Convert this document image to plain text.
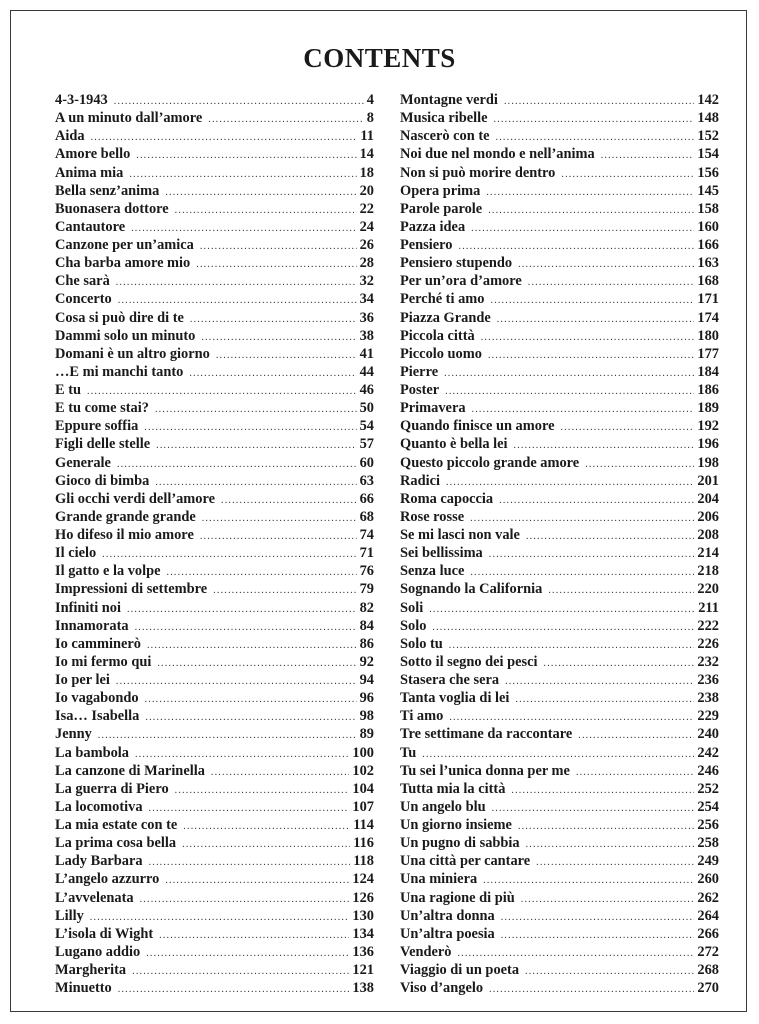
CONTENTS
4-3-1943 .....	4
A un minuto dall’amore .....	8
Aida .....	11
Amore bello .....	14
Anima mia .....	18
Bella senz’anima .....	20
Buonasera dottore .....	22
Cantautore .....	24
Canzone per un’amica .....	26
Cha barba amore mio .....	28
Che sarà .....	32
Concerto .....	34
Cosa si può dire di te .....	36
Dammi solo un minuto .....	38
Domani è un altro giorno .....	41
…E mi manchi tanto .....	44
E tu .....	46
E tu come stai? .....	50
Eppure soffia .....	54
Figli delle stelle .....	57
Generale .....	60
Gioco di bimba .....	63
Gli occhi verdi dell’amore .....	66
Grande grande grande .....	68
Ho difeso il mio amore .....	74
Il cielo .....	71
Il gatto e la volpe .....	76
Impressioni di settembre .....	79
Infiniti noi .....	82
Innamorata .....	84
Io camminerò .....	86
Io mi fermo qui .....	92
Io per lei .....	94
Io vagabondo .....	96
Isa… Isabella .....	98
Jenny .....	89
La bambola .....	100
La canzone di Marinella .....	102
La guerra di Piero .....	104
La locomotiva .....	107
La mia estate con te .....	114
La prima cosa bella .....	116
Lady Barbara .....	118
L’angelo azzurro .....	124
L’avvelenata .....	126
Lilly .....	130
L’isola di Wight .....	134
Lugano addio .....	136
Margherita .....	121
Minuetto .....	138
Montagne verdi .....	142
Musica ribelle .....	148
Nascerò con te .....	152
Noi due nel mondo e nell’anima .....	154
Non si può morire dentro .....	156
Opera prima .....	145
Parole parole .....	158
Pazza idea .....	160
Pensiero .....	166
Pensiero stupendo .....	163
Per un’ora d’amore .....	168
Perché ti amo .....	171
Piazza Grande .....	174
Piccola città .....	180
Piccolo uomo .....	177
Pierre .....	184
Poster .....	186
Primavera .....	189
Quando finisce un amore .....	192
Quanto è bella lei .....	196
Questo piccolo grande amore .....	198
Radici .....	201
Roma capoccia .....	204
Rose rosse .....	206
Se mi lasci non vale .....	208
Sei bellissima .....	214
Senza luce .....	218
Sognando la California .....	220
Soli .....	211
Solo .....	222
Solo tu .....	226
Sotto il segno dei pesci .....	232
Stasera che sera .....	236
Tanta voglia di lei .....	238
Ti amo .....	229
Tre settimane da raccontare .....	240
Tu .....	242
Tu sei l’unica donna per me .....	246
Tutta mia la città .....	252
Un angelo blu .....	254
Un giorno insieme .....	256
Un pugno di sabbia .....	258
Una città per cantare .....	249
Una miniera .....	260
Una ragione di più .....	262
Un’altra donna .....	264
Un’altra poesia .....	266
Venderò .....	272
Viaggio di un poeta .....	268
Viso d’angelo .....	270
